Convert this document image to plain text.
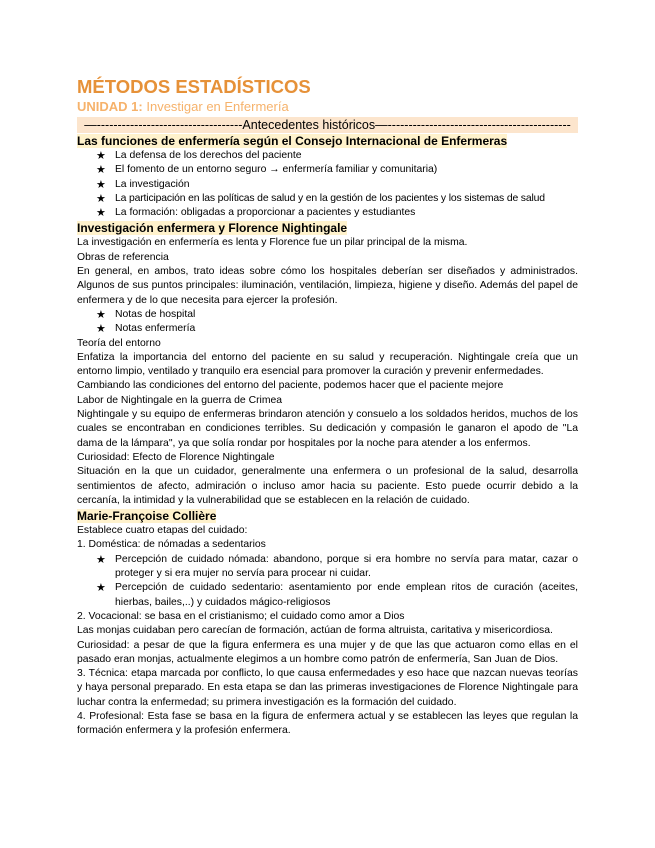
MÉTODOS ESTADÍSTICOS
UNIDAD 1: Investigar en Enfermería
—-----------------------------------Antecedentes históricos—--------------------------------------------
Las funciones de enfermería según el Consejo Internacional de Enfermeras
★ La defensa de los derechos del paciente
★ El fomento de un entorno seguro → enfermería familiar y comunitaria)
★ La investigación
★ La participación en las políticas de salud y en la gestión de los pacientes y los sistemas de salud
★ La formación: obligadas a proporcionar a pacientes y estudiantes
Investigación enfermera y Florence Nightingale
La investigación en enfermería es lenta y Florence fue un pilar principal de la misma.
Obras de referencia
En general, en ambos, trato ideas sobre cómo los hospitales deberían ser diseñados y administrados. Algunos de sus puntos principales: iluminación, ventilación, limpieza, higiene y diseño. Además del papel de enfermera y de lo que necesita para ejercer la profesión.
★ Notas de hospital
★ Notas enfermería
Teoría del entorno
Enfatiza la importancia del entorno del paciente en su salud y recuperación. Nightingale creía que un entorno limpio, ventilado y tranquilo era esencial para promover la curación y prevenir enfermedades.
Cambiando las condiciones del entorno del paciente, podemos hacer que el paciente mejore
Labor de Nightingale en la guerra de Crimea
Nightingale y su equipo de enfermeras brindaron atención y consuelo a los soldados heridos, muchos de los cuales se encontraban en condiciones terribles. Su dedicación y compasión le ganaron el apodo de "La dama de la lámpara", ya que solía rondar por hospitales por la noche para atender a los enfermos.
Curiosidad: Efecto de Florence Nightingale
Situación en la que un cuidador, generalmente una enfermera o un profesional de la salud, desarrolla sentimientos de afecto, admiración o incluso amor hacia su paciente. Esto puede ocurrir debido a la cercanía, la intimidad y la vulnerabilidad que se establecen en la relación de cuidado.
Marie-Françoise Collière
Establece cuatro etapas del cuidado:
1. Doméstica: de nómadas a sedentarios
★ Percepción de cuidado nómada: abandono, porque si era hombre no servía para matar, cazar o proteger y si era mujer no servía para procear ni cuidar.
★ Percepción de cuidado sedentario: asentamiento por ende emplean ritos de curación (aceites, hierbas, bailes,..) y cuidados mágico-religiosos
2. Vocacional: se basa en el cristianismo; el cuidado como amor a Dios
Las monjas cuidaban pero carecían de formación, actúan de forma altruista, caritativa y misericordiosa.
Curiosidad: a pesar de que la figura enfermera es una mujer y de que las que actuaron como ellas en el pasado eran monjas, actualmente elegimos a un hombre como patrón de enfermería, San Juan de Dios.
3. Técnica: etapa marcada por conflicto, lo que causa enfermedades y eso hace que nazcan nuevas teorías y haya personal preparado. En esta etapa se dan las primeras investigaciones de Florence Nightingale para luchar contra la enfermedad; su primera investigación es la formación del cuidado.
4. Profesional: Esta fase se basa en la figura de enfermera actual y se establecen las leyes que regulan la formación enfermera y la profesión enfermera.
